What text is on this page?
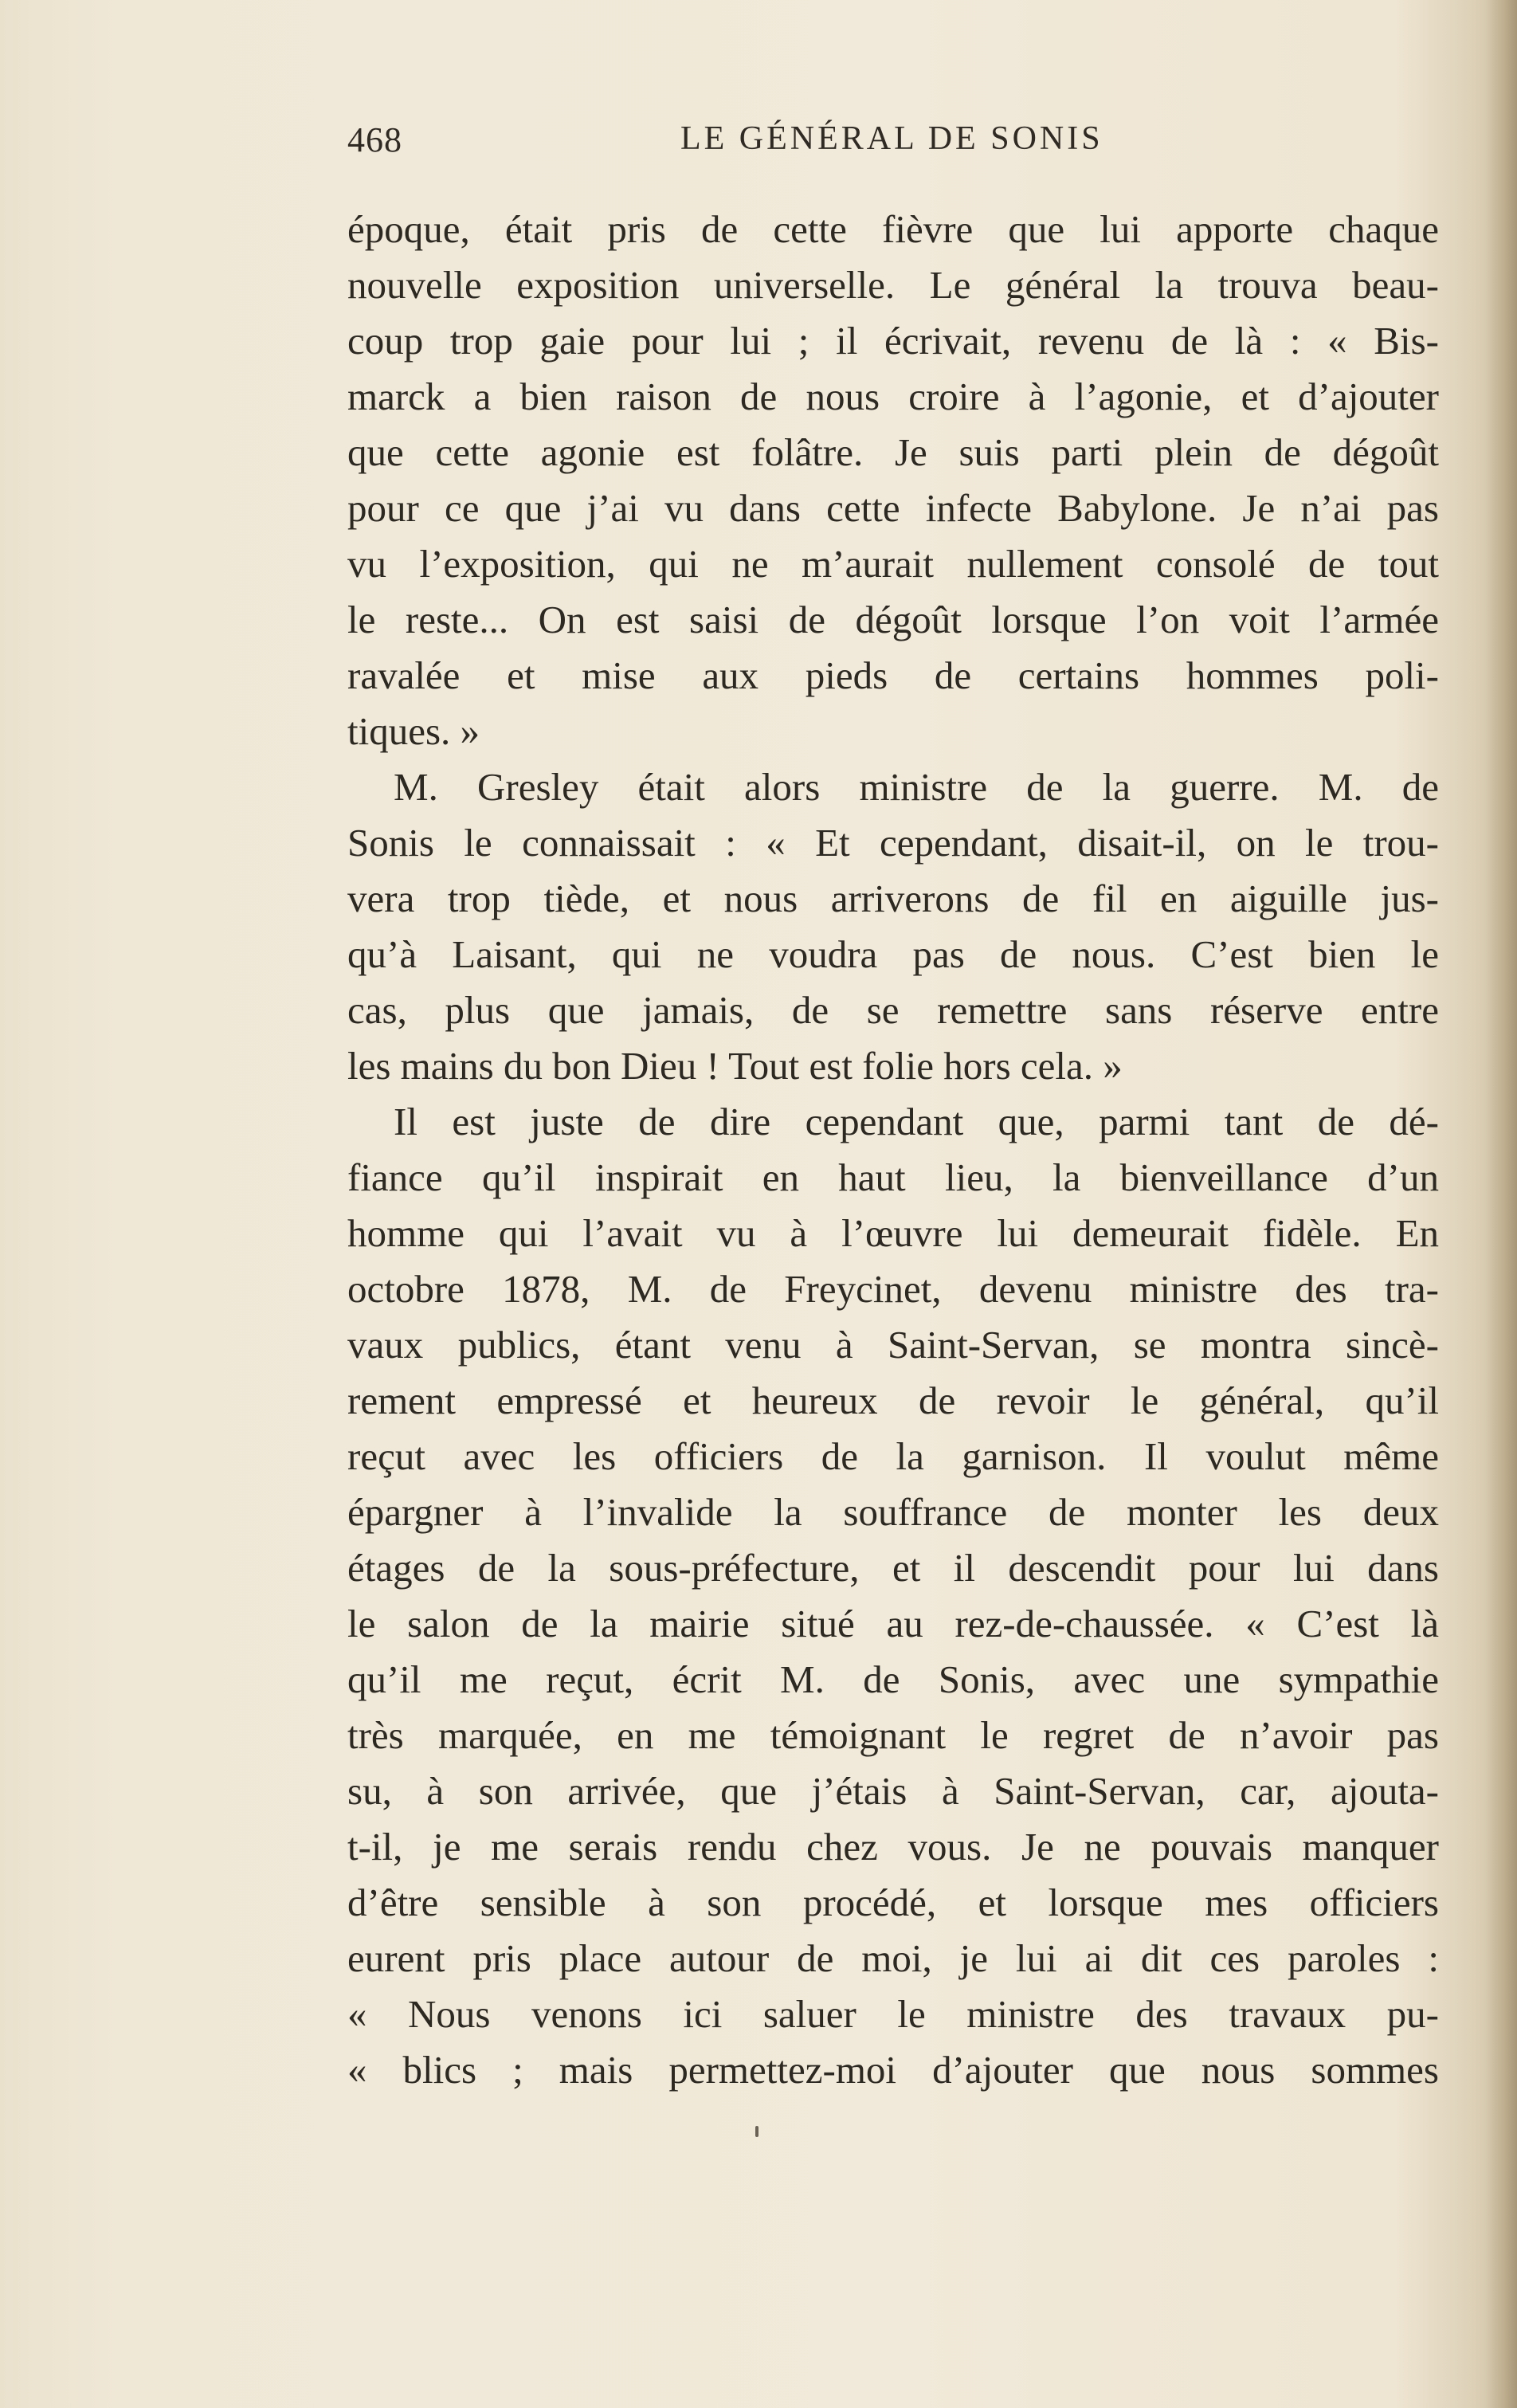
468	LE GÉNÉRAL DE SONIS
époque, était pris de cette fièvre que lui apporte chaque
nouvelle exposition universelle. Le général la trouva beau-
coup trop gaie pour lui ; il écrivait, revenu de là : « Bis-
marck a bien raison de nous croire à l’agonie, et d’ajouter
que cette agonie est folâtre. Je suis parti plein de dégoût
pour ce que j’ai vu dans cette infecte Babylone. Je n’ai pas
vu l’exposition, qui ne m’aurait nullement consolé de tout
le reste... On est saisi de dégoût lorsque l’on voit l’armée
ravalée et mise aux pieds de certains hommes poli-
tiques. »
M. Gresley était alors ministre de la guerre. M. de
Sonis le connaissait : « Et cependant, disait-il, on le trou-
vera trop tiède, et nous arriverons de fil en aiguille jus-
qu’à Laisant, qui ne voudra pas de nous. C’est bien le
cas, plus que jamais, de se remettre sans réserve entre
les mains du bon Dieu ! Tout est folie hors cela. »
Il est juste de dire cependant que, parmi tant de dé-
fiance qu’il inspirait en haut lieu, la bienveillance d’un
homme qui l’avait vu à l’œuvre lui demeurait fidèle. En
octobre 1878, M. de Freycinet, devenu ministre des tra-
vaux publics, étant venu à Saint-Servan, se montra sincè-
rement empressé et heureux de revoir le général, qu’il
reçut avec les officiers de la garnison. Il voulut même
épargner à l’invalide la souffrance de monter les deux
étages de la sous-préfecture, et il descendit pour lui dans
le salon de la mairie situé au rez-de-chaussée. « C’est là
qu’il me reçut, écrit M. de Sonis, avec une sympathie
très marquée, en me témoignant le regret de n’avoir pas
su, à son arrivée, que j’étais à Saint-Servan, car, ajouta-
t-il, je me serais rendu chez vous. Je ne pouvais manquer
d’être sensible à son procédé, et lorsque mes officiers
eurent pris place autour de moi, je lui ai dit ces paroles :
« Nous venons ici saluer le ministre des travaux pu-
« blics ; mais permettez-moi d’ajouter que nous sommes
